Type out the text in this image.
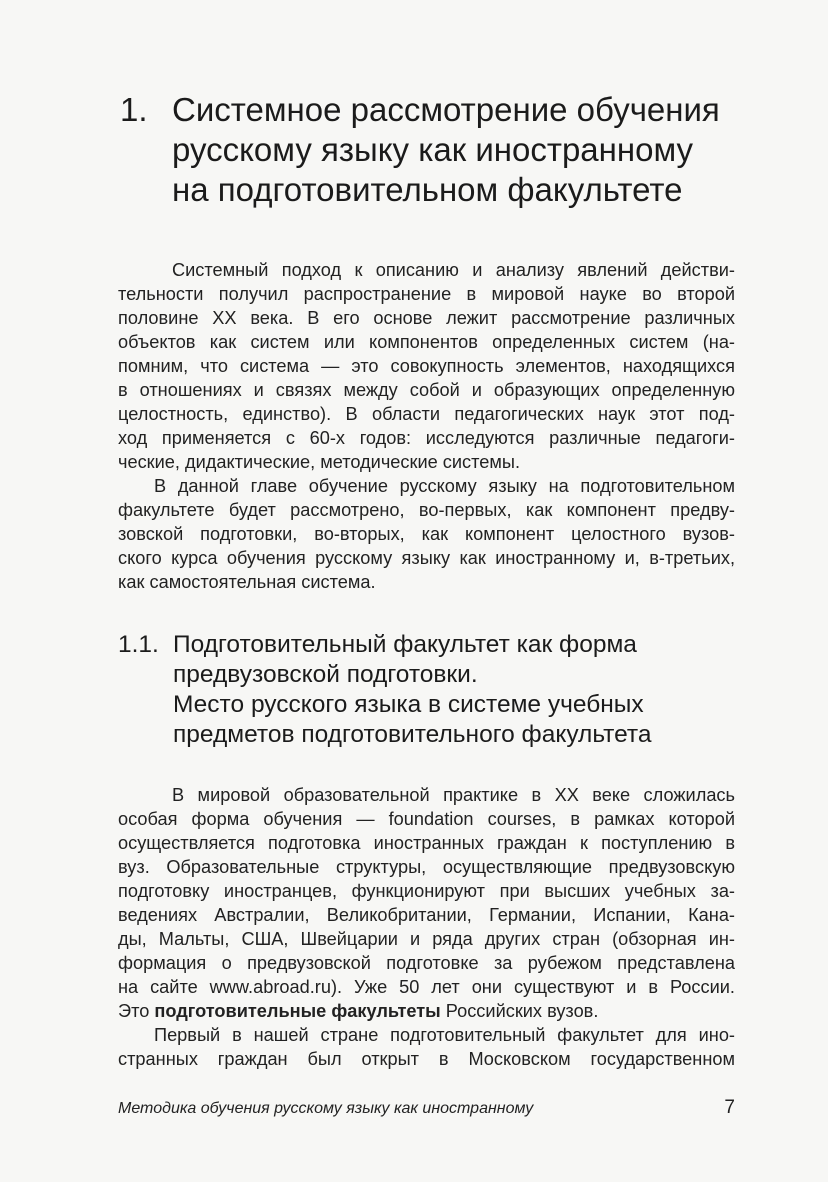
1. Системное рассмотрение обучения
русскому языку как иностранному
на подготовительном факультете

Системный подход к описанию и анализу явлений действи-
тельности получил распространение в мировой науке во второй
половине XX века. В его основе лежит рассмотрение различных
объектов как систем или компонентов определенных систем (на-
помним, что система — это совокупность элементов, находящихся
в отношениях и связях между собой и образующих определенную
целостность, единство). В области педагогических наук этот под-
ход применяется с 60-х годов: исследуются различные педагоги-
ческие, дидактические, методические системы.

В данной главе обучение русскому языку на подготовительном
факультете будет рассмотрено, во-первых, как компонент предву-
зовской подготовки, во-вторых, как компонент целостного вузов-
ского курса обучения русскому языку как иностранному и, в-третьих,
как самостоятельная система.

1.1. Подготовительный факультет как форма
предвузовской подготовки.
Место русского языка в системе учебных
предметов подготовительного факультета

В мировой образовательной практике в XX веке сложилась
особая форма обучения — foundation courses, в рамках которой
осуществляется подготовка иностранных граждан к поступлению в
вуз. Образовательные структуры, осуществляющие предвузовскую
подготовку иностранцев, функционируют при высших учебных за-
ведениях Австралии, Великобритании, Германии, Испании, Кана-
ды, Мальты, США, Швейцарии и ряда других стран (обзорная ин-
формация о предвузовской подготовке за рубежом представлена
на сайте www.abroad.ru). Уже 50 лет они существуют и в России.
Это подготовительные факультеты Российских вузов.

Первый в нашей стране подготовительный факультет для ино-
странных граждан был открыт в Московском государственном

Методика обучения русскому языку как иностранному	7
